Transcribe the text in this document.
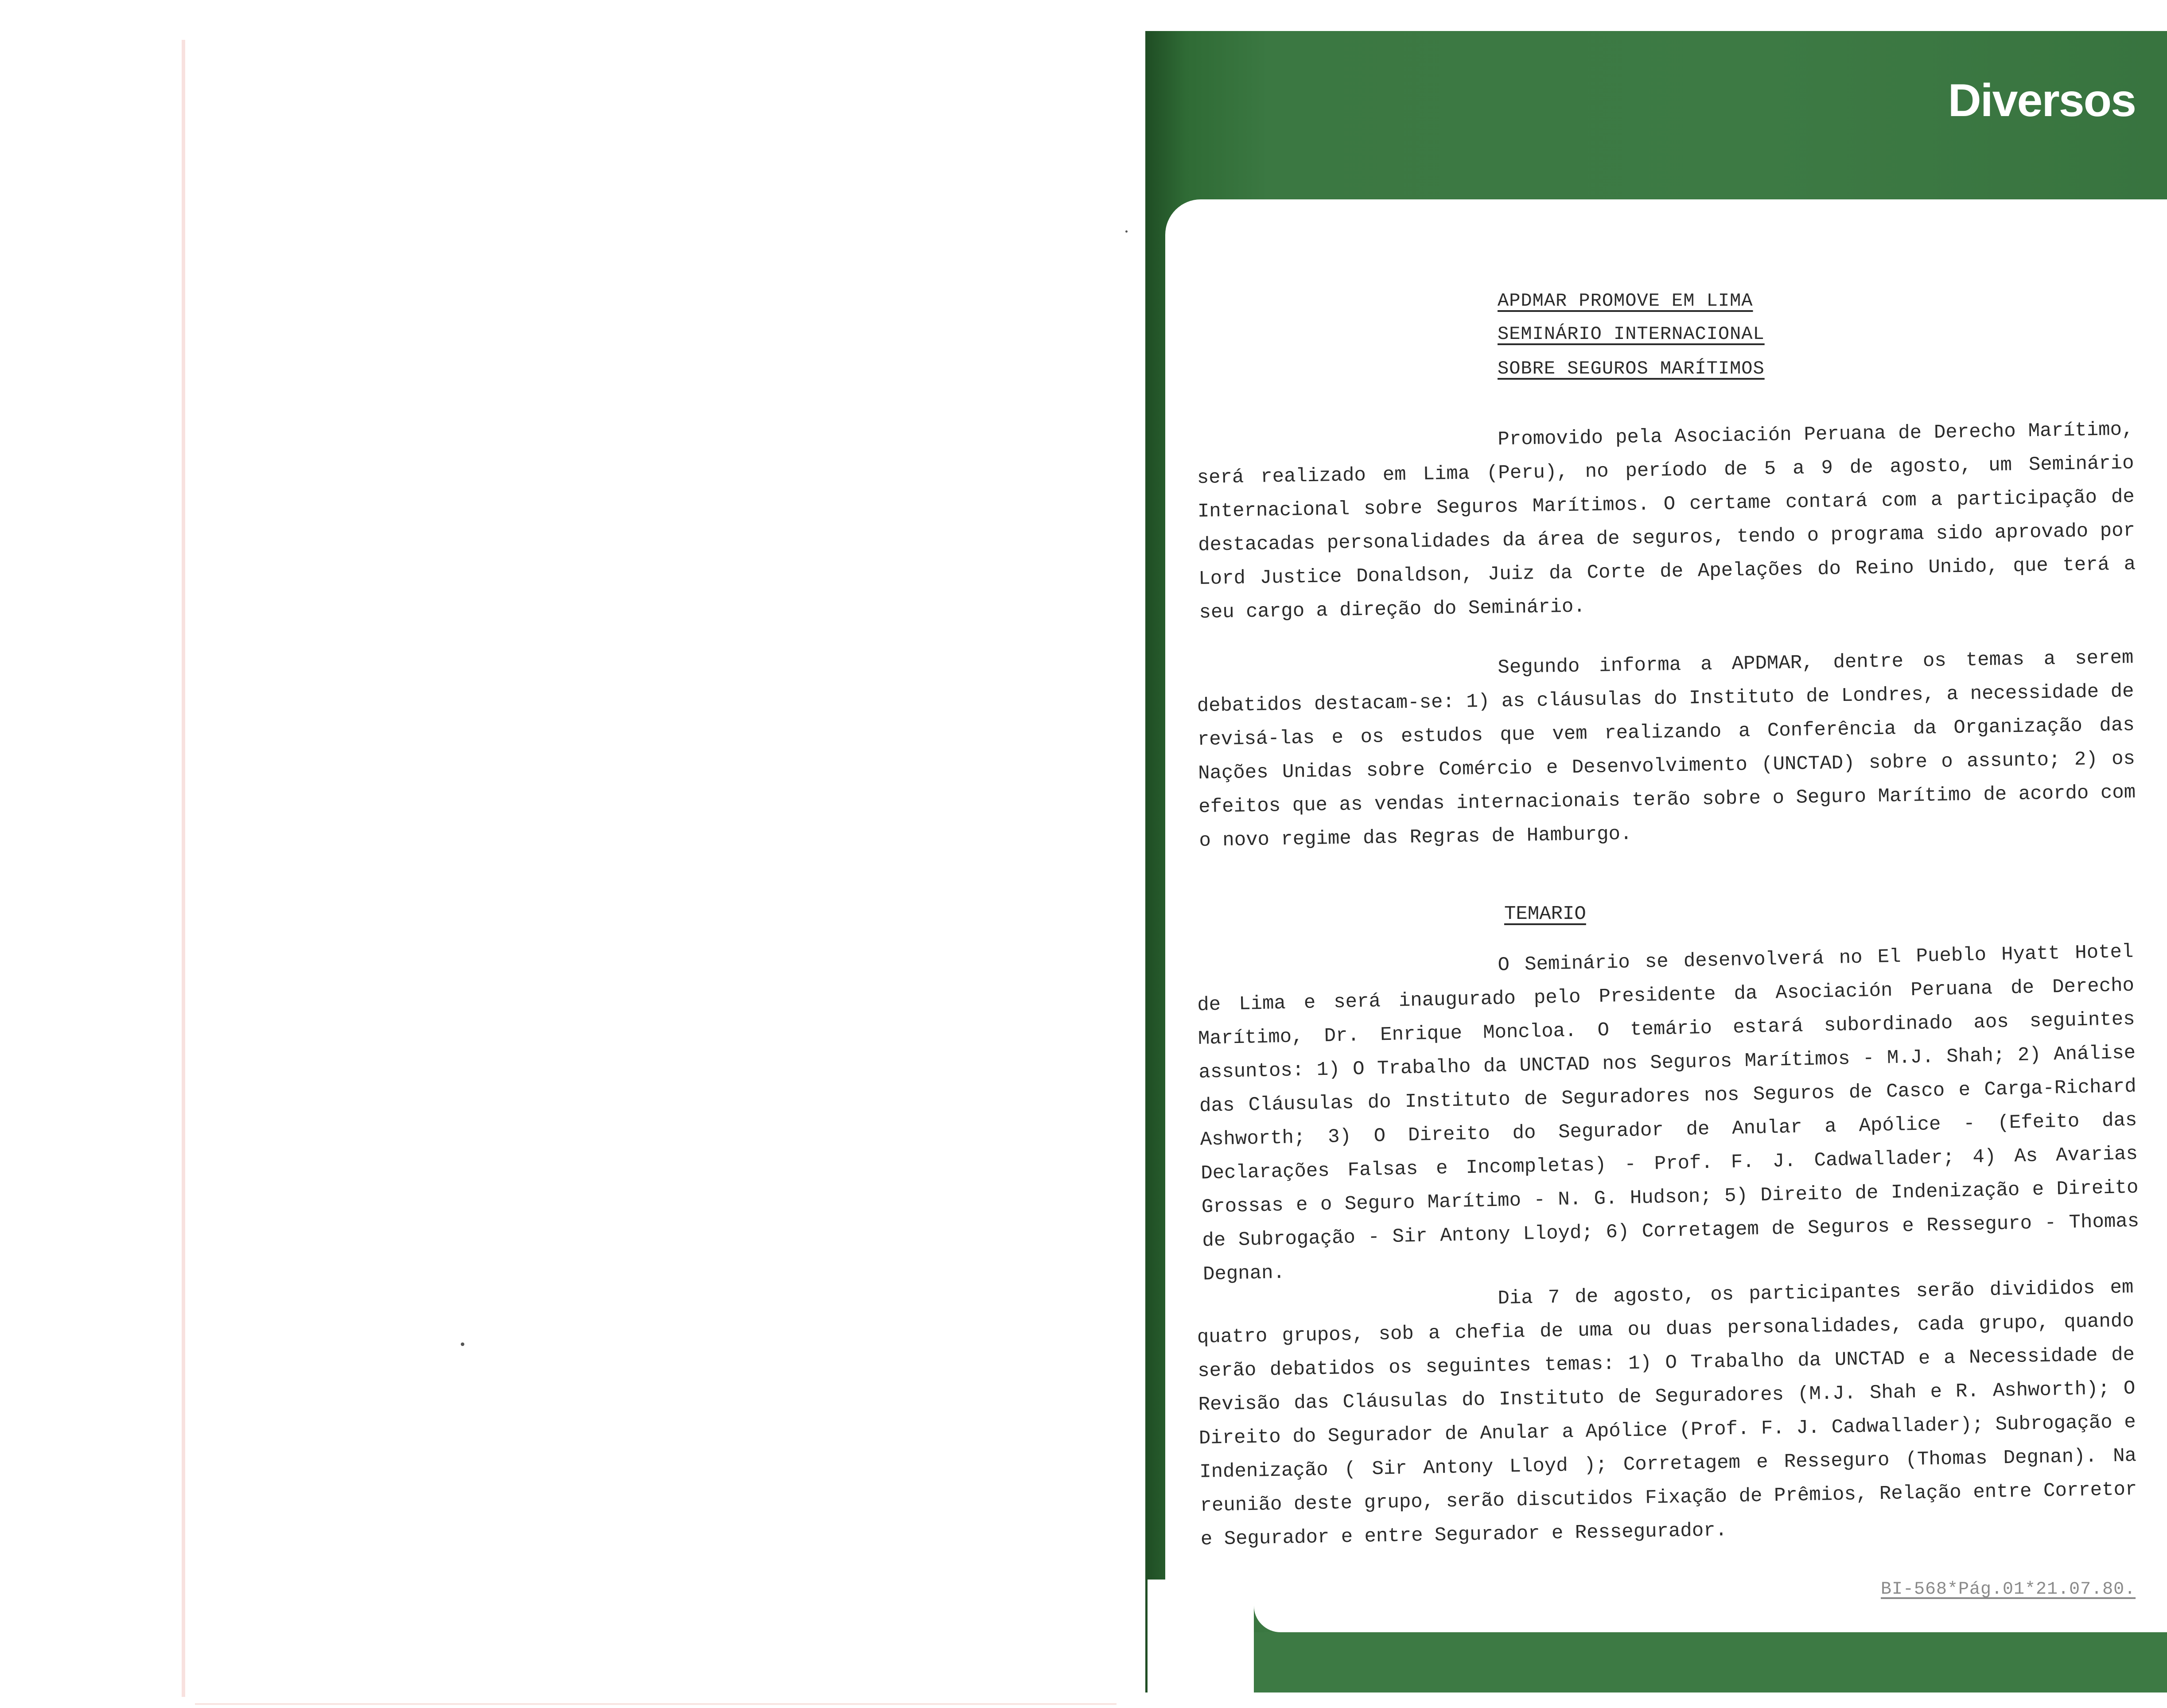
Diversos
APDMAR PROMOVE EM LIMA
SEMINÁRIO INTERNACIONAL
SOBRE SEGUROS MARÍTIMOS

Promovido pela Asociación Peruana de Derecho Marítimo, será realizado em Lima (Peru), no período de 5 a 9 de agosto, um Seminário Internacional sobre Seguros Marítimos. O certame contará com a participação de destacadas personalidades da área de seguros, tendo o programa sido aprovado por Lord Justice Donaldson, Juiz da Corte de Apelações do Reino Unido, que terá a seu cargo a direção do Seminário.

Segundo informa a APDMAR, dentre os temas a serem debatidos destacam-se: 1) as cláusulas do Instituto de Londres, a necessidade de revisá-las e os estudos que vem realizando a Conferência da Organização das Nações Unidas sobre Comércio e Desenvolvimento (UNCTAD) sobre o assunto; 2) os efeitos que as vendas internacionais terão sobre o Seguro Marítimo de acordo com o novo regime das Regras de Hamburgo.

TEMARIO

O Seminário se desenvolverá no El Pueblo Hyatt Hotel de Lima e será inaugurado pelo Presidente da Asociación Peruana de Derecho Marítimo, Dr. Enrique Moncloa. O temário estará subordinado aos seguintes assuntos: 1) O Trabalho da UNCTAD nos Seguros Marítimos - M.J. Shah; 2) Análise das Cláusulas do Instituto de Seguradores nos Seguros de Casco e Carga-Richard Ashworth; 3) O Direito do Segurador de Anular a Apólice - (Efeito das Declarações Falsas e Incompletas) - Prof. F. J. Cadwallader; 4) As Avarias Grossas e o Seguro Marítimo - N. G. Hudson; 5) Direito de Indenização e Direito de Subrogação - Sir Antony Lloyd; 6) Corretagem de Seguros e Resseguro - Thomas Degnan.

Dia 7 de agosto, os participantes serão divididos em quatro grupos, sob a chefia de uma ou duas personalidades, cada grupo, quando serão debatidos os seguintes temas: 1) O Trabalho da UNCTAD e a Necessidade de Revisão das Cláusulas do Instituto de Seguradores (M.J. Shah e R. Ashworth); O Direito do Segurador de Anular a Apólice (Prof. F. J. Cadwallader); Subrogação e Indenização ( Sir Antony Lloyd ); Corretagem e Resseguro (Thomas Degnan). Na reunião deste grupo, serão discutidos Fixação de Prêmios, Relação entre Corretor e Segurador e entre Segurador e Ressegurador.

BI-568*Pág.01*21.07.80.
